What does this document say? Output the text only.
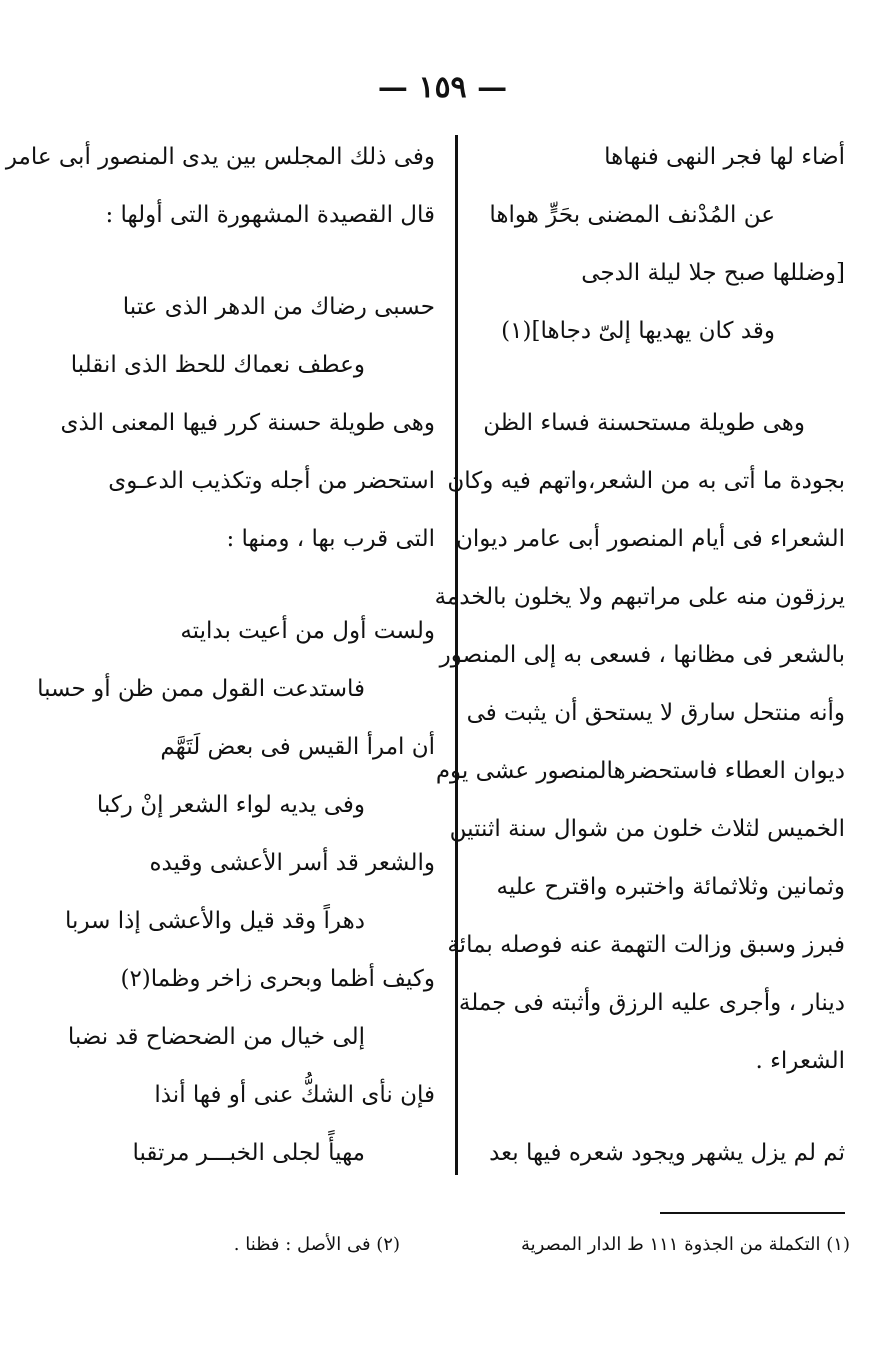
— ١٥٩ —
أضاء لها فجر النهى فنهاها
عن المُدْنف المضنى بحَرٍّ هواها
[وضللها صبح جلا ليلة الدجى
وقد كان يهديها إلىّ دجاها](١)
وهى طويلة مستحسنة فساء الظن
بجودة ما أتى به من الشعر،واتهم فيه وكان
الشعراء فى أيام المنصور أبى عامر ديوان
يرزقون منه على مراتبهم ولا يخلون بالخدمة
بالشعر فى مظانها ، فسعى به إلى المنصور
وأنه منتحل سارق لا يستحق أن يثبت فى
ديوان العطاء فاستحضرهالمنصور عشى يوم
الخميس لثلاث خلون من شوال سنة اثنتين
وثمانين وثلاثمائة واختبره واقترح عليه
فبرز وسبق وزالت التهمة عنه فوصله بمائة
دينار ، وأجرى عليه الرزق وأثبته فى جملة
الشعراء .
ثم لم يزل يشهر ويجود شعره فيها بعد
وفى ذلك المجلس بين يدى المنصور أبى عامر
قال القصيدة المشهورة التى أولها :
حسبى رضاك من الدهر الذى عتبا
وعطف نعماك للحظ الذى انقلبا
وهى طويلة حسنة كرر فيها المعنى الذى
استحضر من أجله وتكذيب الدعـوى
التى قرب بها ، ومنها :
ولست أول من أعيت بدايته
فاستدعت القول ممن ظن أو حسبا
أن امرأ القيس فى بعض لَتَهَّم
وفى يديه لواء الشعر إنْ ركبا
والشعر قد أسر الأعشى وقيده
دهراً وقد قيل والأعشى إذا سربا
وكيف أظما وبحرى زاخر وظما(٢)
إلى خيال من الضحضاح قد نضبا
فإن نأى الشكُّ عنى أو فها أنذا
مهيأً لجلى الخبـــر مرتقبا
(١) التكملة من الجذوة ١١١ ط الدار المصرية
(٢) فى الأصل : فظنا .
